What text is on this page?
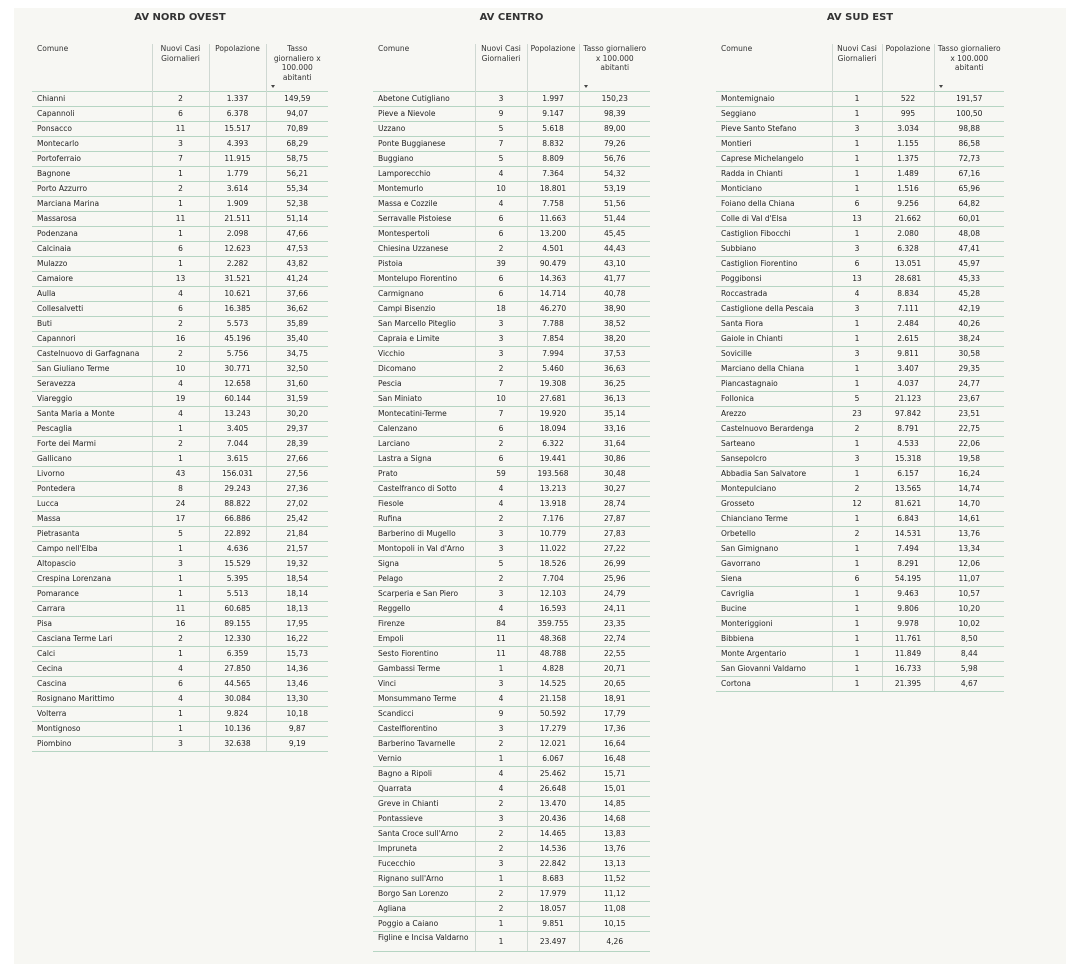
AV NORD OVEST
Comune	Nuovi Casi Giornalieri	Popolazione	Tasso giornaliero x 100.000 abitanti

Chianni	2	1.337	149,59
Capannoli	6	6.378	94,07
Ponsacco	11	15.517	70,89
Montecarlo	3	4.393	68,29
Portoferraio	7	11.915	58,75
Bagnone	1	1.779	56,21
Porto Azzurro	2	3.614	55,34
Marciana Marina	1	1.909	52,38
Massarosa	11	21.511	51,14
Podenzana	1	2.098	47,66
Calcinaia	6	12.623	47,53
Mulazzo	1	2.282	43,82
Camaiore	13	31.521	41,24
Aulla	4	10.621	37,66
Collesalvetti	6	16.385	36,62
Buti	2	5.573	35,89
Capannori	16	45.196	35,40
Castelnuovo di Garfagnana	2	5.756	34,75
San Giuliano Terme	10	30.771	32,50
Seravezza	4	12.658	31,60
Viareggio	19	60.144	31,59
Santa Maria a Monte	4	13.243	30,20
Pescaglia	1	3.405	29,37
Forte dei Marmi	2	7.044	28,39
Gallicano	1	3.615	27,66
Livorno	43	156.031	27,56
Pontedera	8	29.243	27,36
Lucca	24	88.822	27,02
Massa	17	66.886	25,42
Pietrasanta	5	22.892	21,84
Campo nell'Elba	1	4.636	21,57
Altopascio	3	15.529	19,32
Crespina Lorenzana	1	5.395	18,54
Pomarance	1	5.513	18,14
Carrara	11	60.685	18,13
Pisa	16	89.155	17,95
Casciana Terme Lari	2	12.330	16,22
Calci	1	6.359	15,73
Cecina	4	27.850	14,36
Cascina	6	44.565	13,46
Rosignano Marittimo	4	30.084	13,30
Volterra	1	9.824	10,18
Montignoso	1	10.136	9,87
Piombino	3	32.638	9,19
AV CENTRO
Comune	Nuovi Casi Giornalieri	Popolazione	Tasso giornaliero x 100.000 abitanti

Abetone Cutigliano	3	1.997	150,23
Pieve a Nievole	9	9.147	98,39
Uzzano	5	5.618	89,00
Ponte Buggianese	7	8.832	79,26
Buggiano	5	8.809	56,76
Lamporecchio	4	7.364	54,32
Montemurlo	10	18.801	53,19
Massa e Cozzile	4	7.758	51,56
Serravalle Pistoiese	6	11.663	51,44
Montespertoli	6	13.200	45,45
Chiesina Uzzanese	2	4.501	44,43
Pistoia	39	90.479	43,10
Montelupo Fiorentino	6	14.363	41,77
Carmignano	6	14.714	40,78
Campi Bisenzio	18	46.270	38,90
San Marcello Piteglio	3	7.788	38,52
Capraia e Limite	3	7.854	38,20
Vicchio	3	7.994	37,53
Dicomano	2	5.460	36,63
Pescia	7	19.308	36,25
San Miniato	10	27.681	36,13
Montecatini-Terme	7	19.920	35,14
Calenzano	6	18.094	33,16
Larciano	2	6.322	31,64
Lastra a Signa	6	19.441	30,86
Prato	59	193.568	30,48
Castelfranco di Sotto	4	13.213	30,27
Fiesole	4	13.918	28,74
Rufina	2	7.176	27,87
Barberino di Mugello	3	10.779	27,83
Montopoli in Val d'Arno	3	11.022	27,22
Signa	5	18.526	26,99
Pelago	2	7.704	25,96
Scarperia e San Piero	3	12.103	24,79
Reggello	4	16.593	24,11
Firenze	84	359.755	23,35
Empoli	11	48.368	22,74
Sesto Fiorentino	11	48.788	22,55
Gambassi Terme	1	4.828	20,71
Vinci	3	14.525	20,65
Monsummano Terme	4	21.158	18,91
Scandicci	9	50.592	17,79
Castelfiorentino	3	17.279	17,36
Barberino Tavarnelle	2	12.021	16,64
Vernio	1	6.067	16,48
Bagno a Ripoli	4	25.462	15,71
Quarrata	4	26.648	15,01
Greve in Chianti	2	13.470	14,85
Pontassieve	3	20.436	14,68
Santa Croce sull'Arno	2	14.465	13,83
Impruneta	2	14.536	13,76
Fucecchio	3	22.842	13,13
Rignano sull'Arno	1	8.683	11,52
Borgo San Lorenzo	2	17.979	11,12
Agliana	2	18.057	11,08
Poggio a Caiano	1	9.851	10,15
Figline e Incisa Valdarno	1	23.497	4,26
AV SUD EST
Comune	Nuovi Casi Giornalieri	Popolazione	Tasso giornaliero x 100.000 abitanti

Montemignaio	1	522	191,57
Seggiano	1	995	100,50
Pieve Santo Stefano	3	3.034	98,88
Montieri	1	1.155	86,58
Caprese Michelangelo	1	1.375	72,73
Radda in Chianti	1	1.489	67,16
Monticiano	1	1.516	65,96
Foiano della Chiana	6	9.256	64,82
Colle di Val d'Elsa	13	21.662	60,01
Castiglion Fibocchi	1	2.080	48,08
Subbiano	3	6.328	47,41
Castiglion Fiorentino	6	13.051	45,97
Poggibonsi	13	28.681	45,33
Roccastrada	4	8.834	45,28
Castiglione della Pescaia	3	7.111	42,19
Santa Fiora	1	2.484	40,26
Gaiole in Chianti	1	2.615	38,24
Sovicille	3	9.811	30,58
Marciano della Chiana	1	3.407	29,35
Piancastagnaio	1	4.037	24,77
Follonica	5	21.123	23,67
Arezzo	23	97.842	23,51
Castelnuovo Berardenga	2	8.791	22,75
Sarteano	1	4.533	22,06
Sansepolcro	3	15.318	19,58
Abbadia San Salvatore	1	6.157	16,24
Montepulciano	2	13.565	14,74
Grosseto	12	81.621	14,70
Chianciano Terme	1	6.843	14,61
Orbetello	2	14.531	13,76
San Gimignano	1	7.494	13,34
Gavorrano	1	8.291	12,06
Siena	6	54.195	11,07
Cavriglia	1	9.463	10,57
Bucine	1	9.806	10,20
Monteriggioni	1	9.978	10,02
Bibbiena	1	11.761	8,50
Monte Argentario	1	11.849	8,44
San Giovanni Valdarno	1	16.733	5,98
Cortona	1	21.395	4,67
